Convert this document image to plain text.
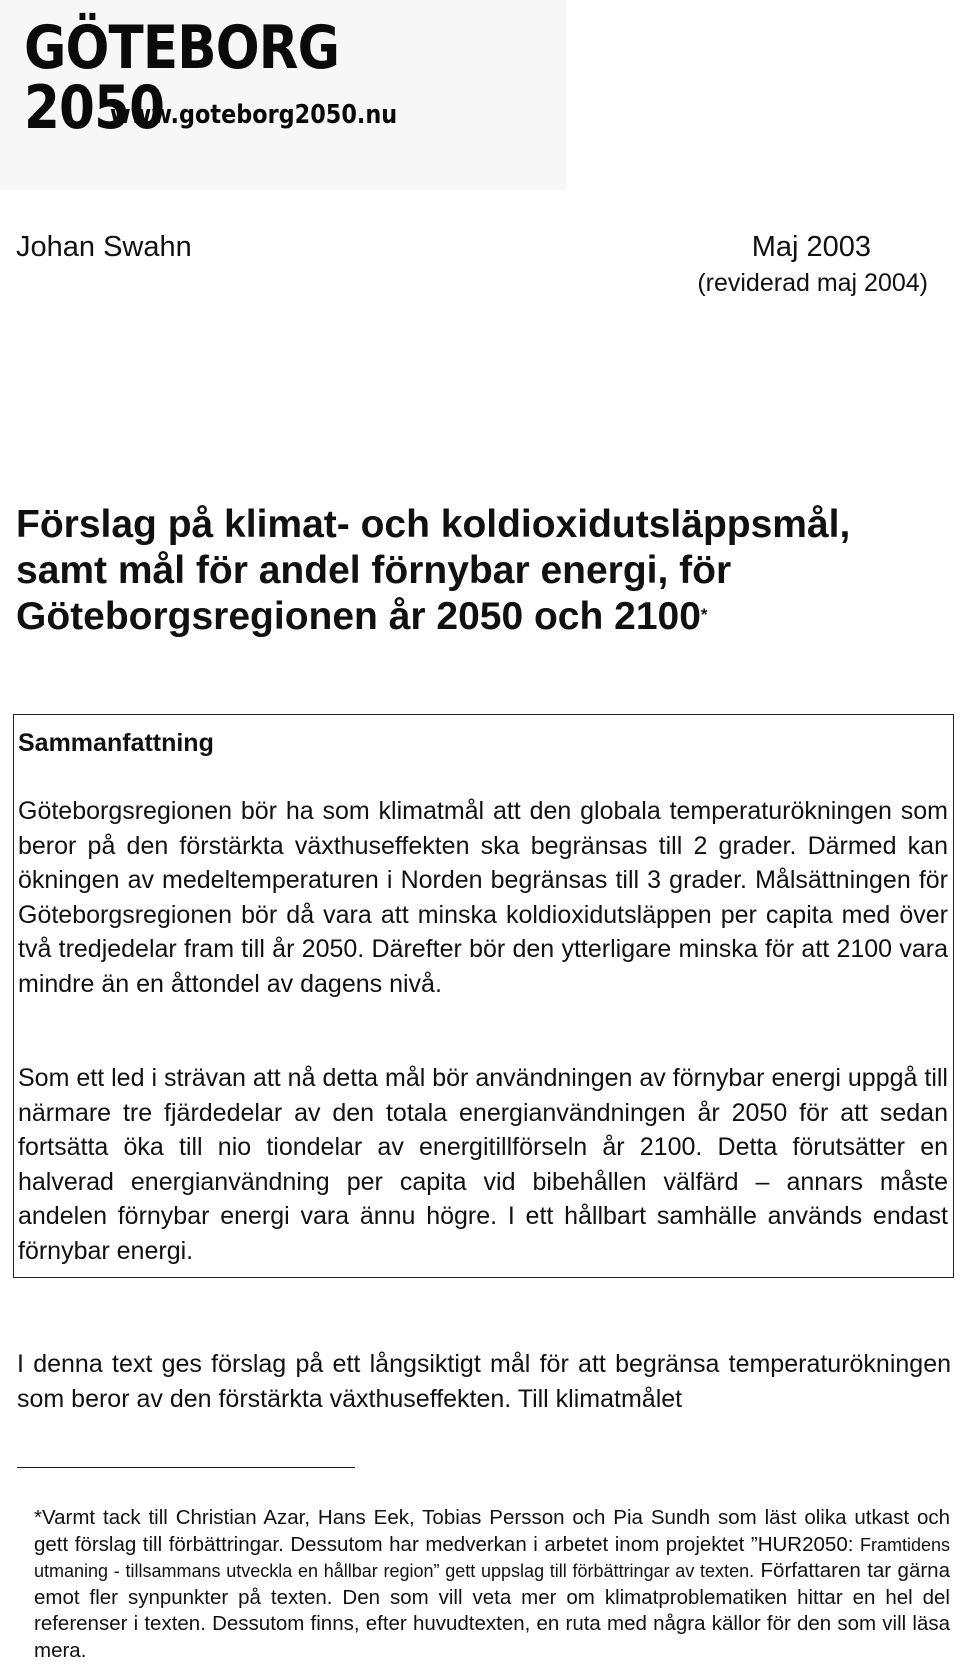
GÖTEBORG 2050
www.goteborg2050.nu
Johan Swahn	Maj 2003
(reviderad maj 2004)
Förslag på klimat- och koldioxidutsläppsmål, samt mål för andel förnybar energi, för Göteborgsregionen år 2050 och 2100*
Sammanfattning

Göteborgsregionen bör ha som klimatmål att den globala temperaturökningen som beror på den förstärkta växthuseffekten ska begränsas till 2 grader. Därmed kan ökningen av medeltemperaturen i Norden begränsas till 3 grader. Målsättningen för Göteborgsregionen bör då vara att minska koldioxidutsläppen per capita med över två tredjedelar fram till år 2050. Därefter bör den ytterligare minska för att 2100 vara mindre än en åttondel av dagens nivå.

Som ett led i strävan att nå detta mål bör användningen av förnybar energi uppgå till närmare tre fjärdedelar av den totala energianvändningen år 2050 för att sedan fortsätta öka till nio tiondelar av energitillförseln år 2100. Detta förutsätter en halverad energianvändning per capita vid bibehållen välfärd – annars måste andelen förnybar energi vara ännu högre. I ett hållbart samhälle används endast förnybar energi.

I denna text ges förslag på ett långsiktigt mål för att begränsa temperaturökningen som beror av den förstärkta växthuseffekten. Till klimatmålet

*Varmt tack till Christian Azar, Hans Eek, Tobias Persson och Pia Sundh som läst olika utkast och gett förslag till förbättringar. Dessutom har medverkan i arbetet inom projektet ”HUR2050: Framtidens utmaning - tillsammans utveckla en hållbar region” gett uppslag till förbättringar av texten. Författaren tar gärna emot fler synpunkter på texten. Den som vill veta mer om klimatproblematiken hittar en hel del referenser i texten. Dessutom finns, efter huvudtexten, en ruta med några källor för den som vill läsa mera.
